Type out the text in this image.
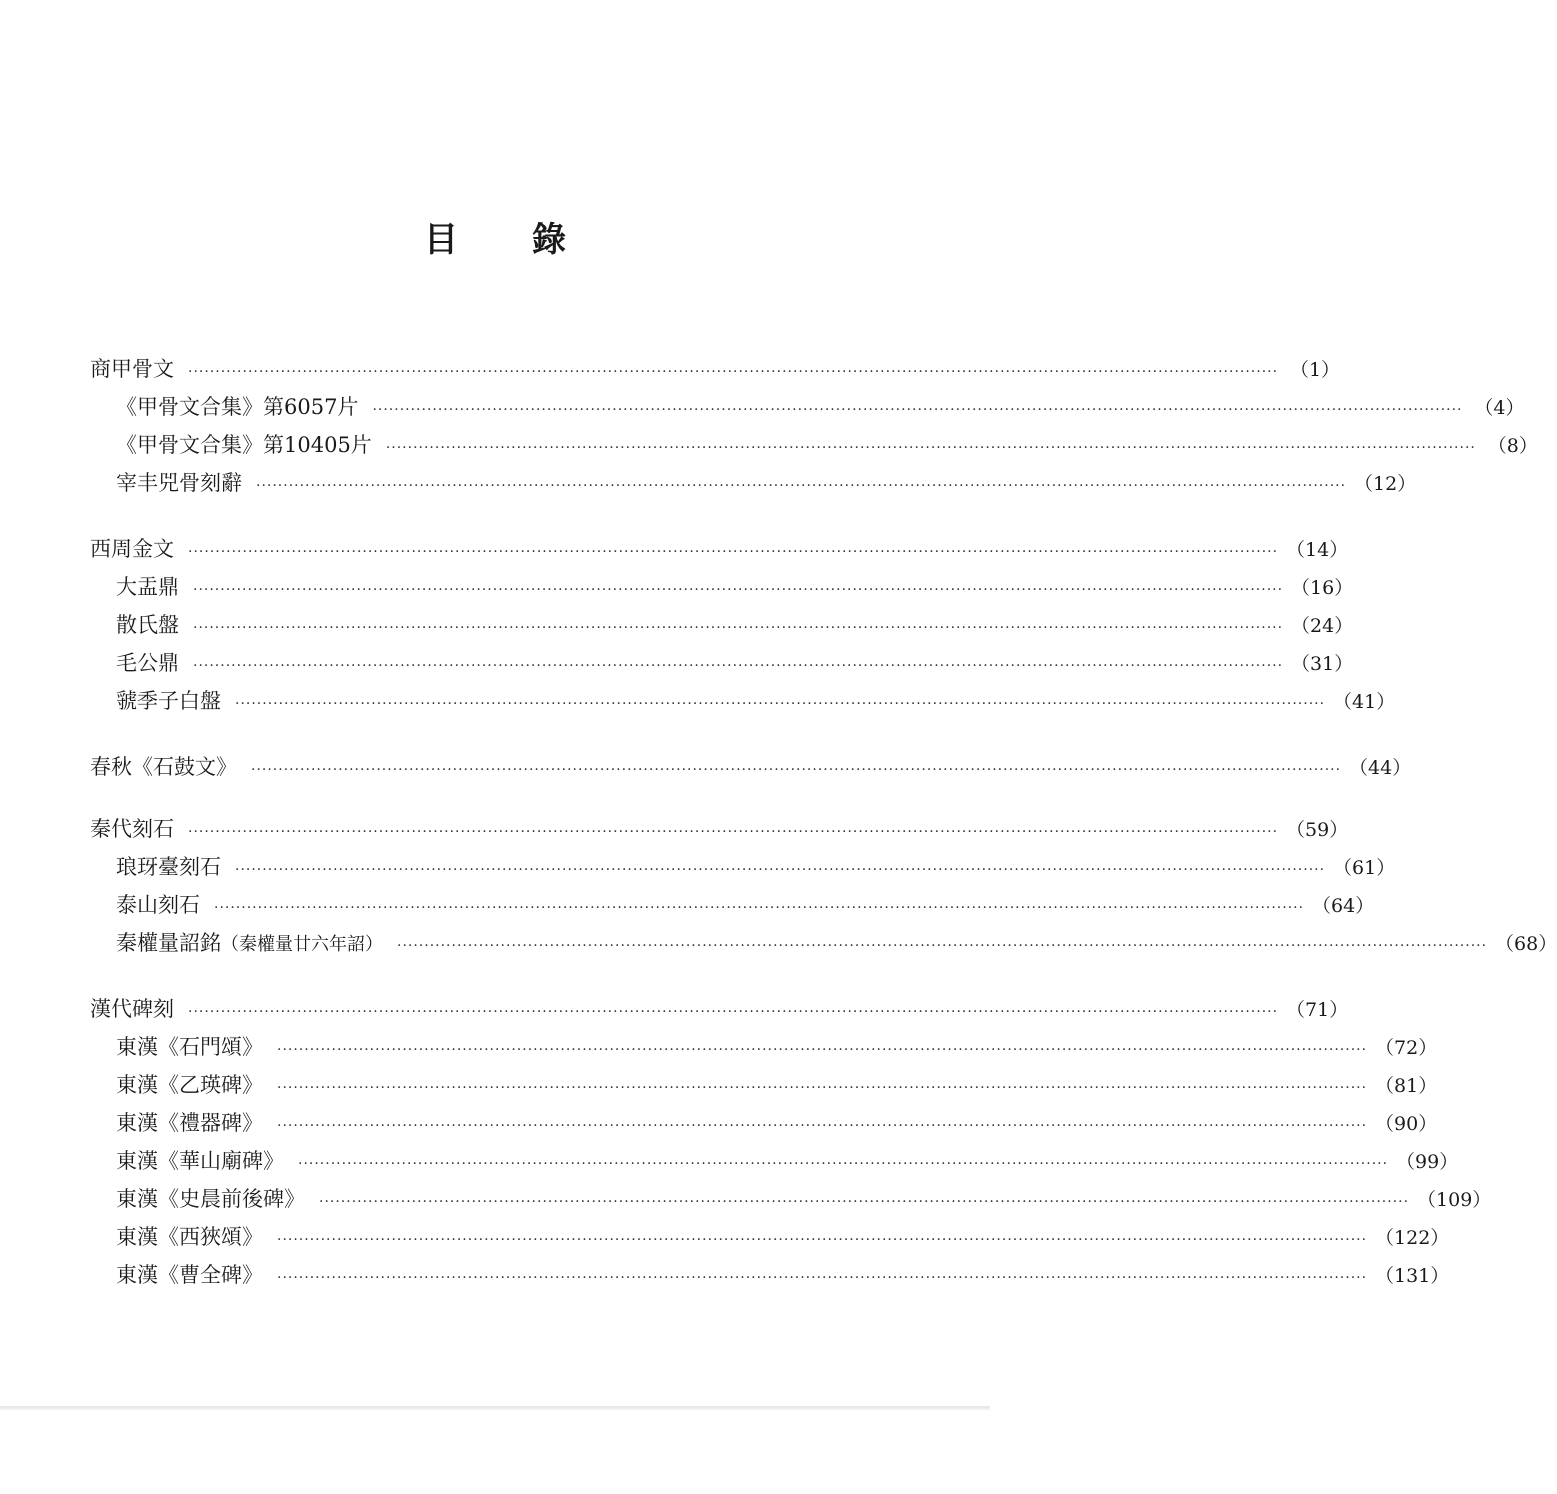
目 錄
商甲骨文	········································································································································································································ （1）
《甲骨文合集》第6057片	········································································································································································································ （4）
《甲骨文合集》第10405片	········································································································································································································ （8）
宰丰兕骨刻辭	········································································································································································································ （12）
西周金文	········································································································································································································ （14）
大盂鼎	········································································································································································································ （16）
散氏盤	········································································································································································································ （24）
毛公鼎	········································································································································································································ （31）
虢季子白盤	········································································································································································································ （41）
春秋《石鼓文》	········································································································································································································ （44）
秦代刻石	········································································································································································································ （59）
琅玡臺刻石	········································································································································································································ （61）
泰山刻石	········································································································································································································ （64）
秦權量詔銘（秦權量廿六年詔）	········································································································································································································ （68）
漢代碑刻	········································································································································································································ （71）
東漢《石門頌》	········································································································································································································ （72）
東漢《乙瑛碑》	········································································································································································································ （81）
東漢《禮器碑》	········································································································································································································ （90）
東漢《華山廟碑》	········································································································································································································ （99）
東漢《史晨前後碑》	········································································································································································································ （109）
東漢《西狹頌》	········································································································································································································ （122）
東漢《曹全碑》	········································································································································································································ （131）
